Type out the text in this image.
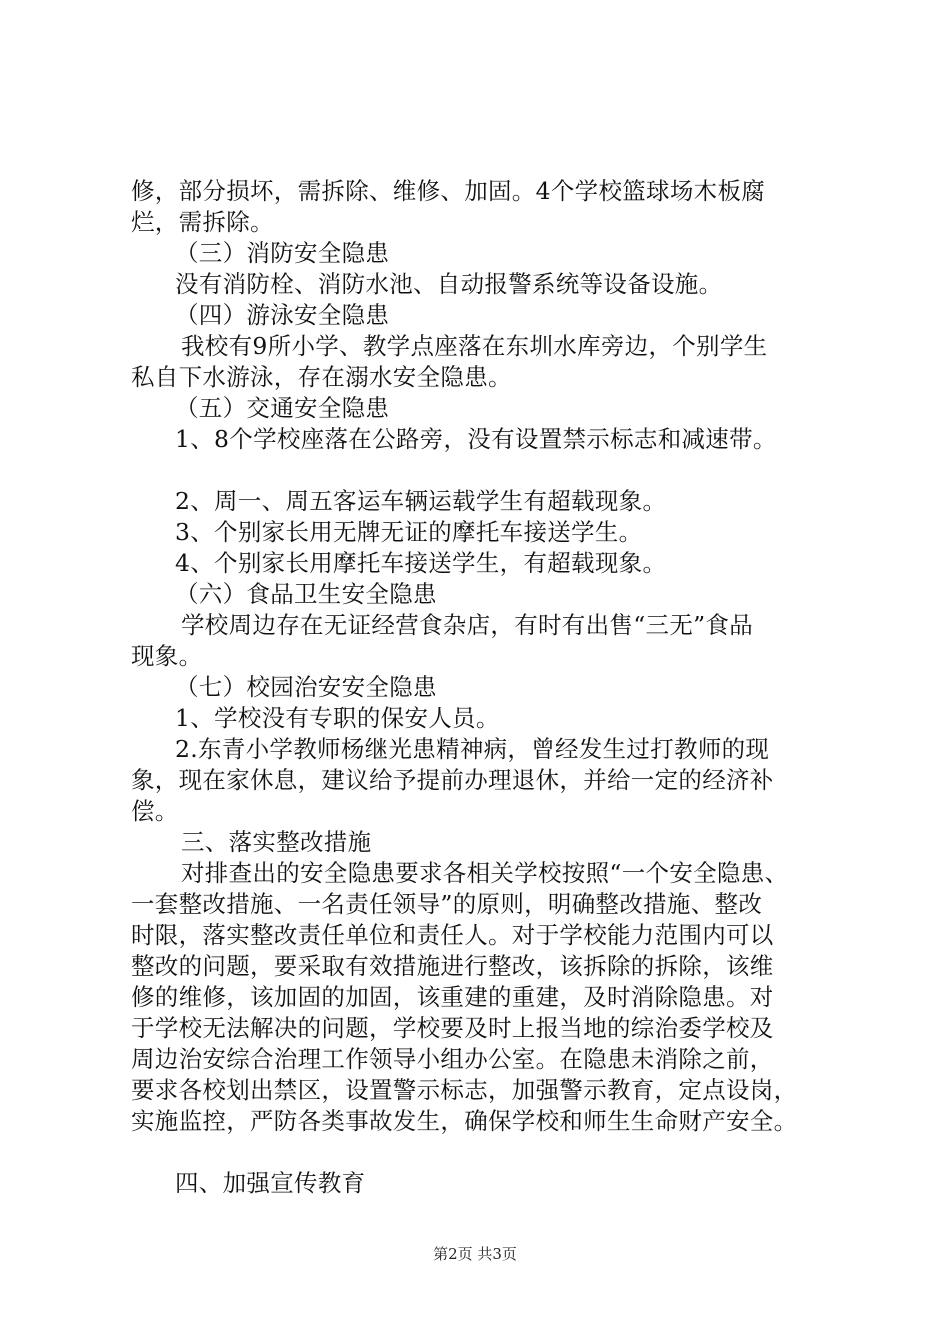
修，部分损坏，需拆除、维修、加固。4个学校篮球场木板腐
烂，需拆除。
（三）消防安全隐患
没有消防栓、消防水池、自动报警系统等设备设施。
（四）游泳安全隐患
我校有9所小学、教学点座落在东圳水库旁边，个别学生
私自下水游泳，存在溺水安全隐患。
（五）交通安全隐患
1、8个学校座落在公路旁，没有设置禁示标志和减速带。
2、周一、周五客运车辆运载学生有超载现象。
3、个别家长用无牌无证的摩托车接送学生。
4、个别家长用摩托车接送学生，有超载现象。
（六）食品卫生安全隐患
学校周边存在无证经营食杂店，有时有出售“三无”食品
现象。
（七）校园治安安全隐患
1、学校没有专职的保安人员。
2.东青小学教师杨继光患精神病，曾经发生过打教师的现
象，现在家休息，建议给予提前办理退休，并给一定的经济补
偿。
三、落实整改措施
对排查出的安全隐患要求各相关学校按照“一个安全隐患、
一套整改措施、一名责任领导”的原则，明确整改措施、整改
时限，落实整改责任单位和责任人。对于学校能力范围内可以
整改的问题，要采取有效措施进行整改，该拆除的拆除，该维
修的维修，该加固的加固，该重建的重建，及时消除隐患。对
于学校无法解决的问题，学校要及时上报当地的综治委学校及
周边治安综合治理工作领导小组办公室。在隐患未消除之前，
要求各校划出禁区，设置警示标志，加强警示教育，定点设岗，
实施监控，严防各类事故发生，确保学校和师生生命财产安全。
四、加强宣传教育
第2页 共3页
